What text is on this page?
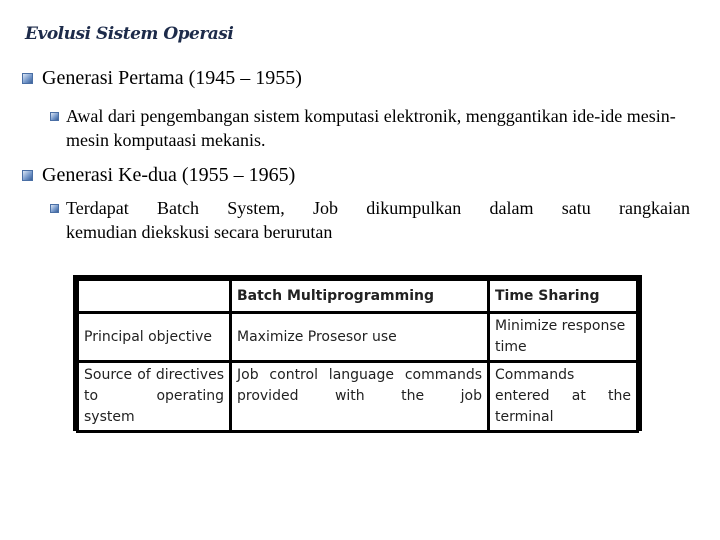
Evolusi Sistem Operasi
Generasi Pertama (1945 – 1955)
Awal dari pengembangan sistem komputasi elektronik, menggantikan ide-ide mesin-mesin komputaasi mekanis.
Generasi Ke-dua (1955 – 1965)
Terdapat Batch System, Job dikumpulkan dalam satu rangkaian
kemudian diekskusi secara berurutan
	Batch Multiprogramming	Time Sharing
Principal objective	Maximize Prosesor use	Minimize response time
Source of directives to operating system	Job control language commands provided with the job	Commands entered at the terminal
